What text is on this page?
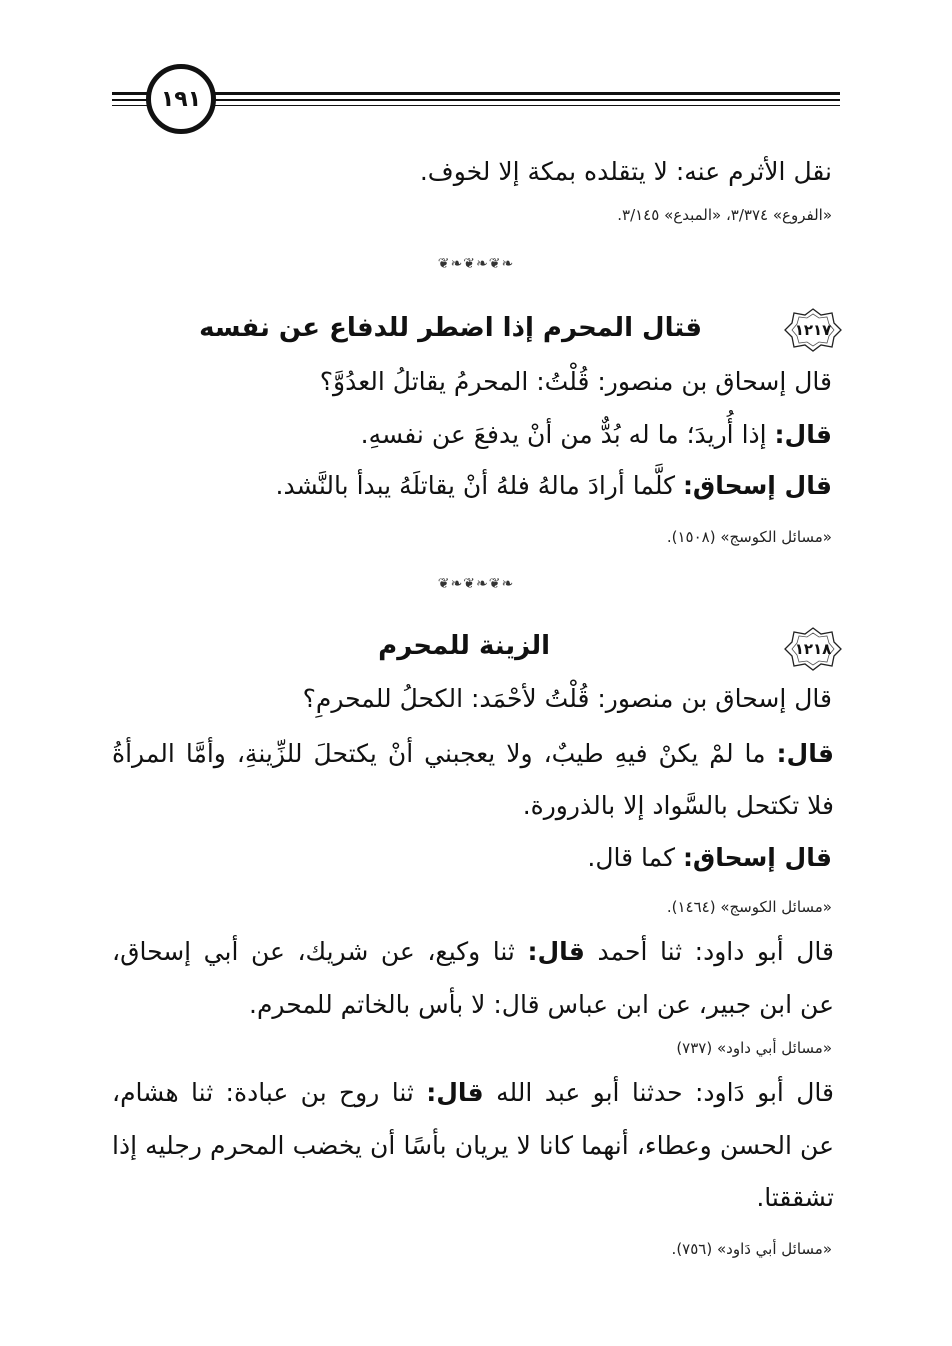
١٩١
نقل الأثرم عنه: لا يتقلده بمكة إلا لخوف.
«الفروع» ٣/٣٧٤، «المبدع» ٣/١٤٥.
❦❧❦❧❦❧
١٢١٧
قتال المحرم إذا اضطر للدفاع عن نفسه
قال إسحاق بن منصور: قُلْتُ: المحرمُ يقاتلُ العدُوَّ؟
قال: إذا أُريدَ؛ ما له بُدٌّ من أنْ يدفعَ عن نفسهِ.
قال إسحاق: كلَّما أرادَ مالهُ فلهُ أنْ يقاتلَهُ يبدأ بالنَّشد.
«مسائل الكوسج» (١٥٠٨).
❦❧❦❧❦❧
١٢١٨
الزينة للمحرم
قال إسحاق بن منصور: قُلْتُ لأحْمَد: الكحلُ للمحرمِ؟
قال: ما لمْ يكنْ فيهِ طيبٌ، ولا يعجبني أنْ يكتحلَ للزِّينةِ، وأمَّا المرأةُ
فلا تكتحل بالسَّواد إلا بالذرورة.
قال إسحاق: كما قال.
«مسائل الكوسج» (١٤٦٤).
قال أبو داود: ثنا أحمد قال: ثنا وكيع، عن شريك، عن أبي إسحاق،
عن ابن جبير، عن ابن عباس قال: لا بأس بالخاتم للمحرم.
«مسائل أبي داود» (٧٣٧)
قال أبو دَاود: حدثنا أبو عبد الله قال: ثنا روح بن عبادة: ثنا هشام،
عن الحسن وعطاء، أنهما كانا لا يريان بأسًا أن يخضب المحرم رجليه إذا
تشققتا.
«مسائل أبي دَاود» (٧٥٦).
